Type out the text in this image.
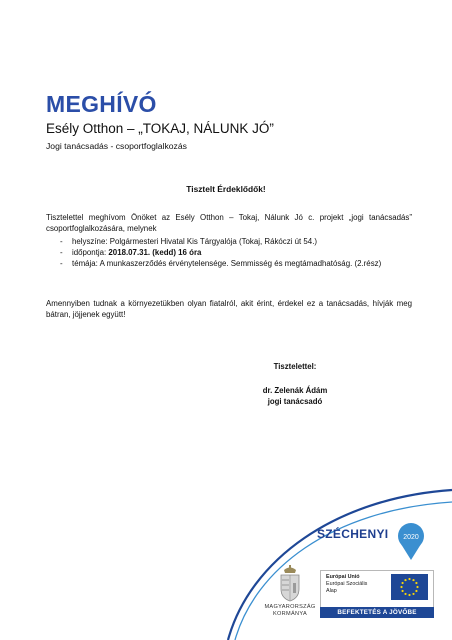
MEGHÍVÓ
Esély Otthon – „TOKAJ, NÁLUNK JÓ”
Jogi tanácsadás - csoportfoglalkozás
Tisztelt Érdeklődők!
Tisztelettel meghívom Önöket az Esély Otthon – Tokaj, Nálunk Jó c. projekt „jogi tanácsadás” csoportfoglalkozására, melynek
- helyszíne: Polgármesteri Hivatal Kis Tárgyalója (Tokaj, Rákóczi út 54.)
- időpontja: 2018.07.31. (kedd) 16 óra
- témája: A munkaszerződés érvénytelensége. Semmisség és megtámadhatóság. (2.rész)
Amennyiben tudnak a környezetükben olyan fiatalról, akit érint, érdekel ez a tanácsadás, hívják meg bátran, jöjjenek együtt!
Tisztelettel:
dr. Zelenák Ádám
jogi tanácsadó
2020
SZÉCHENYI
MAGYARORSZÁG
KORMÁNYA
Európai Unió
Európai Szociális
Alap
BEFEKTETÉS A JÖVŐBE
